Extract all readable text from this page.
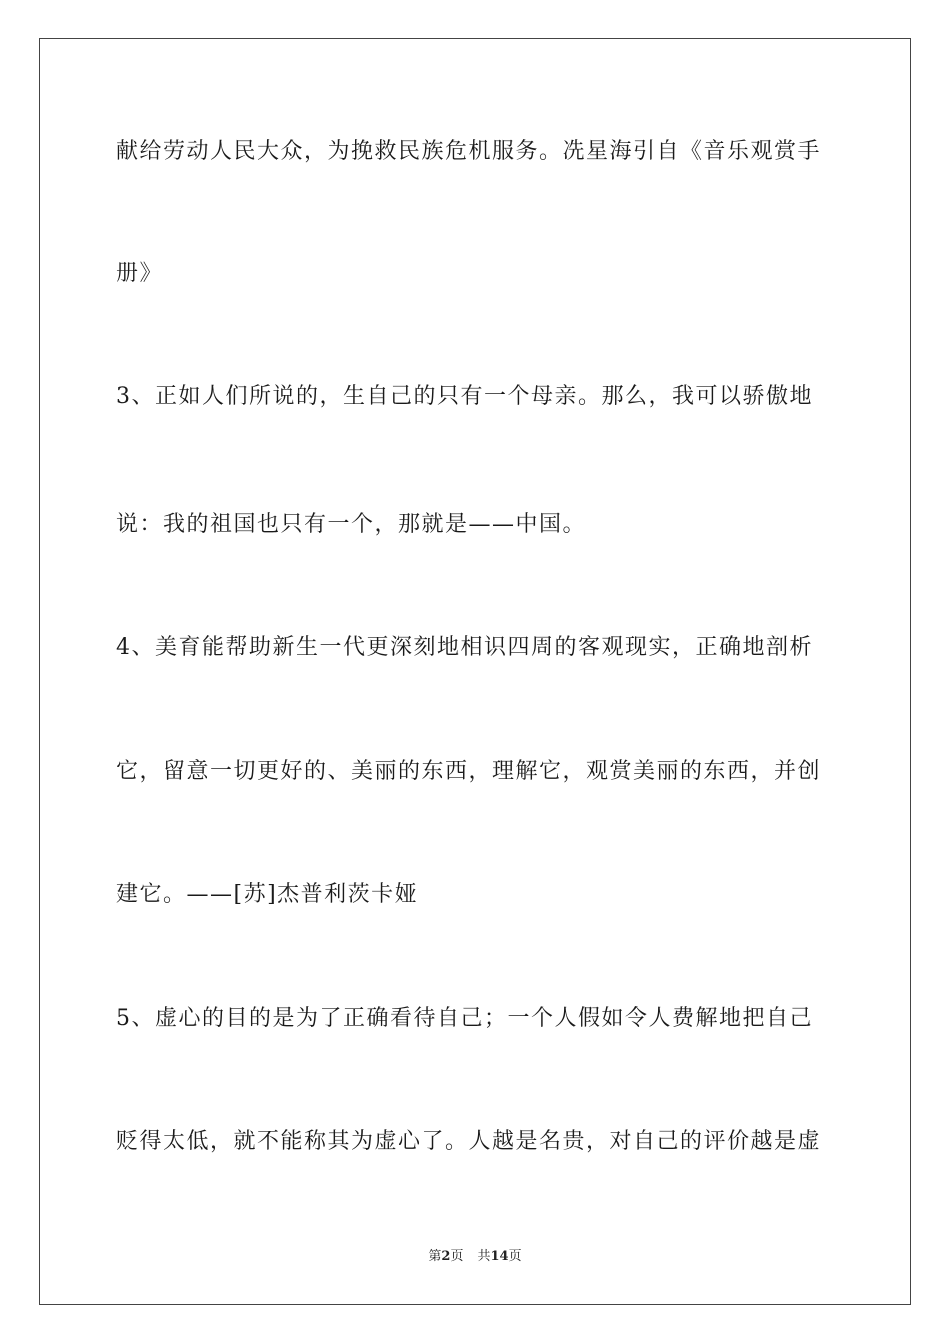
献给劳动人民大众，为挽救民族危机服务。冼星海引自《音乐观赏手
册》
3、正如人们所说的，生自己的只有一个母亲。那么，我可以骄傲地
说：我的祖国也只有一个，那就是——中国。
4、美育能帮助新生一代更深刻地相识四周的客观现实，正确地剖析
它，留意一切更好的、美丽的东西，理解它，观赏美丽的东西，并创
建它。——[苏]杰普利茨卡娅
5、虚心的目的是为了正确看待自己；一个人假如令人费解地把自己
贬得太低，就不能称其为虚心了。人越是名贵，对自己的评价越是虚
第2页 共14页
